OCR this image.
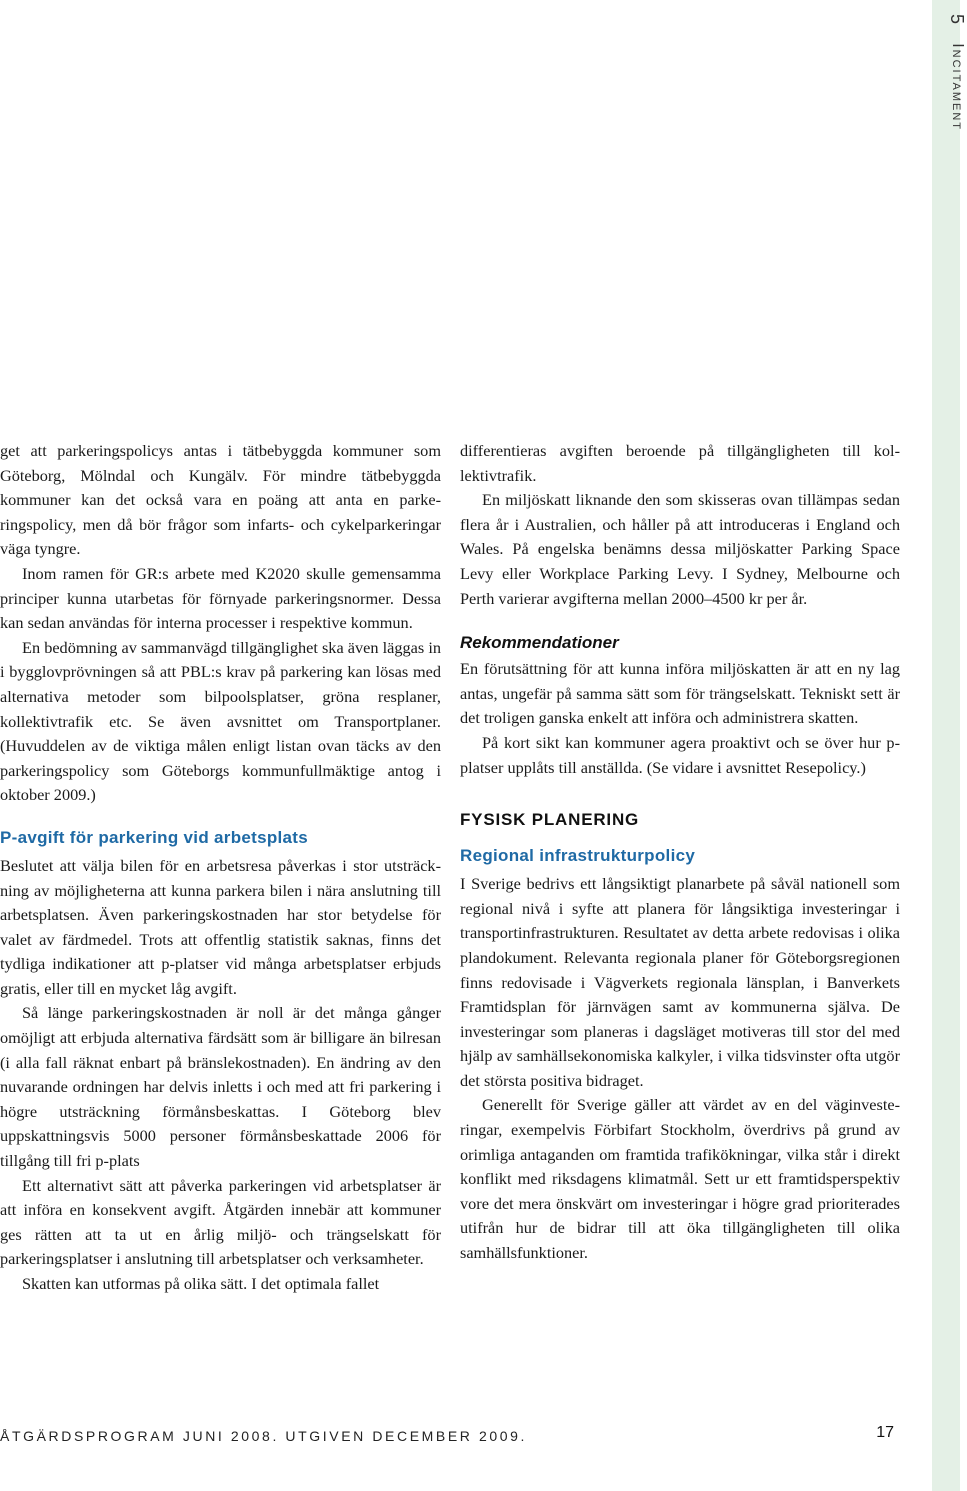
5 Incitament

get att parkeringspolicys antas i tätbebyggda kommuner som Göteborg, Mölndal och Kungälv. För mindre tätbebyggda kommuner kan det också vara en poäng att anta en parkeringspolicy, men då bör frågor som infarts- och cykelparkeringar väga tyngre.

Inom ramen för GR:s arbete med K2020 skulle gemensamma principer kunna utarbetas för förnyade parkeringsnormer. Dessa kan sedan användas för interna processer i respektive kommun.

En bedömning av sammanvägd tillgänglighet ska även läggas in i bygglovprövningen så att PBL:s krav på parkering kan lösas med alternativa metoder som bilpoolsplatser, gröna resplaner, kollektivtrafik etc. Se även avsnittet om Transportplaner. (Huvuddelen av de viktiga målen enligt listan ovan täcks av den parkeringspolicy som Göteborgs kommunfullmäktige antog i oktober 2009.)

P-avgift för parkering vid arbetsplats

Beslutet att välja bilen för en arbetsresa påverkas i stor utsträckning av möjligheterna att kunna parkera bilen i nära anslutning till arbetsplatsen. Även parkeringskostnaden har stor betydelse för valet av färdmedel. Trots att offentlig statistik saknas, finns det tydliga indikationer att p-platser vid många arbetsplatser erbjuds gratis, eller till en mycket låg avgift.

Så länge parkeringskostnaden är noll är det många gånger omöjligt att erbjuda alternativa färdsätt som är billigare än bilresan (i alla fall räknat enbart på bränslekostnaden). En ändring av den nuvarande ordningen har delvis inletts i och med att fri parkering i högre utsträckning förmånsbeskattas. I Göteborg blev uppskattningsvis 5000 personer förmånsbeskattade 2006 för tillgång till fri p-plats

Ett alternativt sätt att påverka parkeringen vid arbetsplatser är att införa en konsekvent avgift. Åtgärden innebär att kommuner ges rätten att ta ut en årlig miljö- och trängselskatt för parkeringsplatser i anslutning till arbetsplatser och verksamheter.

Skatten kan utformas på olika sätt. I det optimala fallet

differentieras avgiften beroende på tillgängligheten till kollektivtrafik.

En miljöskatt liknande den som skisseras ovan tillämpas sedan flera år i Australien, och håller på att introduceras i England och Wales. På engelska benämns dessa miljöskatter Parking Space Levy eller Workplace Parking Levy. I Sydney, Melbourne och Perth varierar avgifterna mellan 2000–4500 kr per år.

Rekommendationer

En förutsättning för att kunna införa miljöskatten är att en ny lag antas, ungefär på samma sätt som för trängselskatt. Tekniskt sett är det troligen ganska enkelt att införa och administrera skatten.

På kort sikt kan kommuner agera proaktivt och se över hur p-platser upplåts till anställda. (Se vidare i avsnittet Resepolicy.)

FYSISK PLANERING
Regional infrastrukturpolicy

I Sverige bedrivs ett långsiktigt planarbete på såväl nationell som regional nivå i syfte att planera för långsiktiga investeringar i transportinfrastrukturen. Resultatet av detta arbete redovisas i olika plandokument. Relevanta regionala planer för Göteborgsregionen finns redovisade i Vägverkets regionala länsplan, i Banverkets Framtidsplan för järnvägen samt av kommunerna själva. De investeringar som planeras i dagsläget motiveras till stor del med hjälp av samhällsekonomiska kalkyler, i vilka tidsvinster ofta utgör det största positiva bidraget.

Generellt för Sverige gäller att värdet av en del väginvesteringar, exempelvis Förbifart Stockholm, överdrivs på grund av orimliga antaganden om framtida trafikökningar, vilka står i direkt konflikt med riksdagens klimatmål. Sett ur ett framtidsperspektiv vore det mera önskvärt om investeringar i högre grad prioriterades utifrån hur de bidrar till att öka tillgängligheten till olika samhällsfunktioner.

ÅTGÄRDSPROGRAM JUNI 2008. UTGIVEN DECEMBER 2009.	17
